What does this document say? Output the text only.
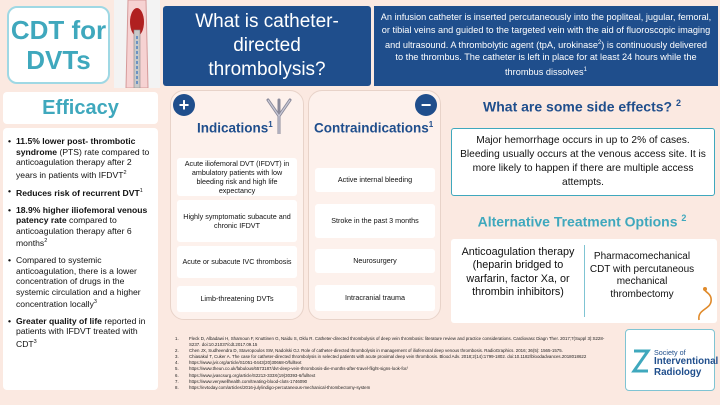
CDT for
DVTs
What is catheter-directed thrombolysis?
An infusion catheter is inserted percutaneously into the popliteal, jugular, femoral, or tibial veins and guided to the targeted vein with the aid of fluoroscopic imaging and ultrasound. A thrombolytic agent (tpA, urokinase$^2$) is continuously delivered to the thrombus. The catheter is left in place for at least 24 hours while the thrombus dissolves$^1$
Efficacy
• 11.5% lower post- thrombotic syndrome (PTS) rate compared to anticoagulation therapy after 2 years in patients with IFDVT$^2$
• Reduces risk of recurrent DVT$^1$
• 18.9% higher iliofemoral venous patency rate compared to anticoagulation therapy after 6 months$^2$
• Compared to systemic anticoagulation, there is a lower concentration of drugs in the systemic circulation and a higher concentration locally$^3$
• Greater quality of life reported in patients with IFDVT treated with $CDT^3$
+
Indications$^1$
Acute iliofemoral DVT (IFDVT) in ambulatory patients with low bleeding risk and high life expectancy
Highly symptomatic subacute and chronic IFDVT
Acute or subacute IVC thrombosis
Limb-threatening DVTs
−
Contraindications$^1$
Active internal bleeding
Stroke in the past 3 months
Neurosurgery
Intracranial trauma
What are some side effects? $^2$
Major hemorrhage occurs in up to 2% of cases. Bleeding usually occurs at the venous access site. It is more likely to happen if there are multiple access attempts.
Alternative Treatment Options $^2$
Anticoagulation therapy (heparin bridged to warfarin, factor Xa, or thrombin inhibitors)
Pharmacomechanical CDT with percutaneous mechanical thrombectomy
1. Fleck D, Albadawi H, Shamoun F, Knuttinen G, Naidu S, Oklu R. Catheter-directed thrombolysis of deep vein thrombosis: literature review and practice considerations. Cardiovasc Diagn Ther. 2017;7(Suppl 3):S228-S237. doi:10.21037/cdt.2017.09.15
2. Chen JX, Sudheendra D, Stavropoulos SW, Nadolski GJ. Role of catheter-directed thrombolysis in management of iliofemoral deep venous thrombosis. RadioGraphics. 2016; 36(5): 1565-1575.
3. Chiasakul T, Cuker A. The case for catheter-directed thrombolysis in selected patients with acute proximal deep vein thrombosis. Blood Adv. 2018;2(14):1799-1802. doi:10.1182/bloodadvances.2018018622
4. https://www.jvir.org/article/S1051-0443(20)30668-0/fulltext
5. https://www.theun.co.uk/fabulous/6573187/dvt-deep-vein-thrombosis-die-months-after-travel-flight-signs-look-for/
6. https://www.jvascsurg.org/article/S2213-333X(19)30393-6/fulltext
7. https://www.verywellhealth.com/treating-blood-clots-1746090
8. https://evtoday.com/articles/2016-july/indigo-percutaneous-mechanical-thrombectomy-system
Society of
Interventional
Radiology
